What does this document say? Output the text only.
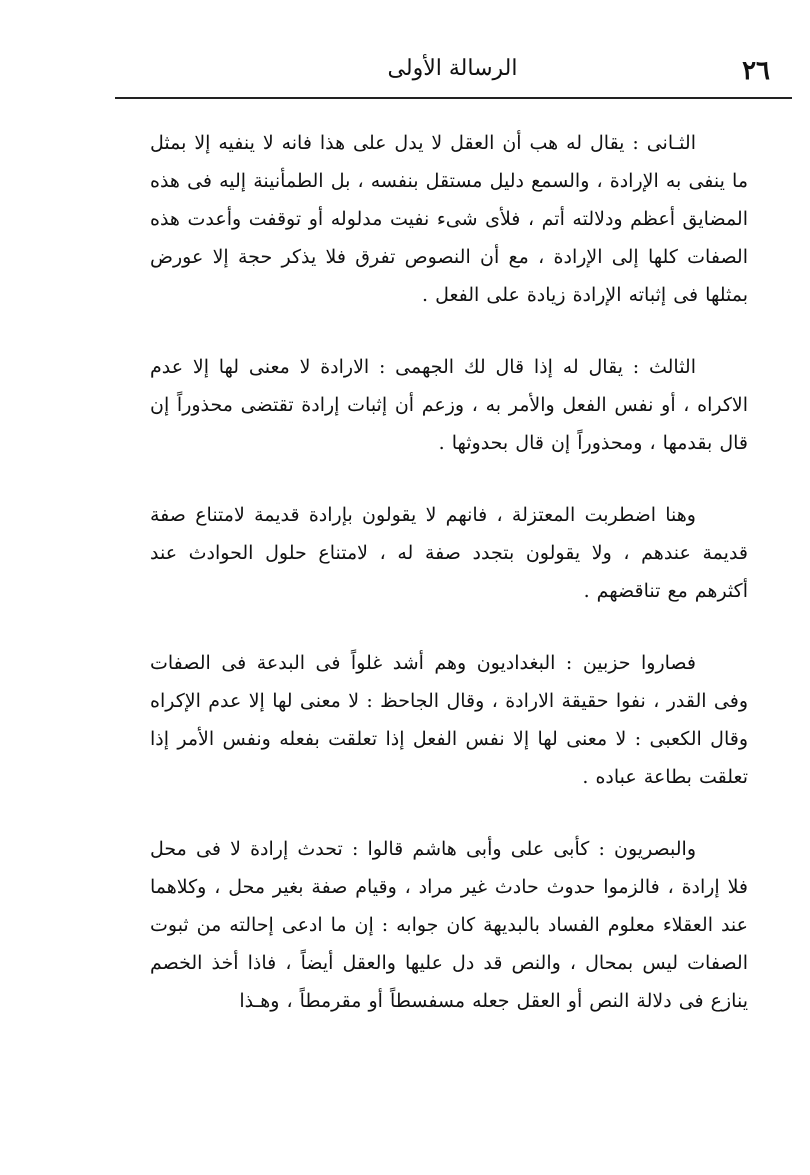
٢٦
الرسالة الأولى

الثـانى : يقال له هب أن العقل لا يدل على هذا فانه لا ينفيه إلا بمثل ما ينفى به الإرادة ، والسمع دليل مستقل بنفسه ، بل الطمأنينة إليه فى هذه المضايق أعظم ودلالته أتم ، فلأى شىء نفيت مدلوله أو توقفت وأعدت هذه الصفات كلها إلى الإرادة ، مع أن النصوص تفرق فلا يذكر حجة إلا عورض بمثلها فى إثباته الإرادة زيادة على الفعل .

الثالث : يقال له إذا قال لك الجهمى : الارادة لا معنى لها إلا عدم الاكراه ، أو نفس الفعل والأمر به ، وزعم أن إثبات إرادة تقتضى محذوراً إن قال بقدمها ، ومحذوراً إن قال بحدوثها .

وهنا اضطربت المعتزلة ، فانهم لا يقولون بإرادة قديمة لامتناع صفة قديمة عندهم ، ولا يقولون بتجدد صفة له ، لامتناع حلول الحوادث عند أكثرهم مع تناقضهم .

فصاروا حزبين : البغداديون وهم أشد غلواً فى البدعة فى الصفات وفى القدر ، نفوا حقيقة الارادة ، وقال الجاحظ : لا معنى لها إلا عدم الإكراه وقال الكعبى : لا معنى لها إلا نفس الفعل إذا تعلقت بفعله ونفس الأمر إذا تعلقت بطاعة عباده .

والبصريون : كأبى على وأبى هاشم قالوا : تحدث إرادة لا فى محل فلا إرادة ، فالزموا حدوث حادث غير مراد ، وقيام صفة بغير محل ، وكلاهما عند العقلاء معلوم الفساد بالبديهة كان جوابه : إن ما ادعى إحالته من ثبوت الصفات ليس بمحال ، والنص قد دل عليها والعقل أيضاً ، فاذا أخذ الخصم ينازع فى دلالة النص أو العقل جعله مسفسطاً أو مقرمطاً ، وهـذا
